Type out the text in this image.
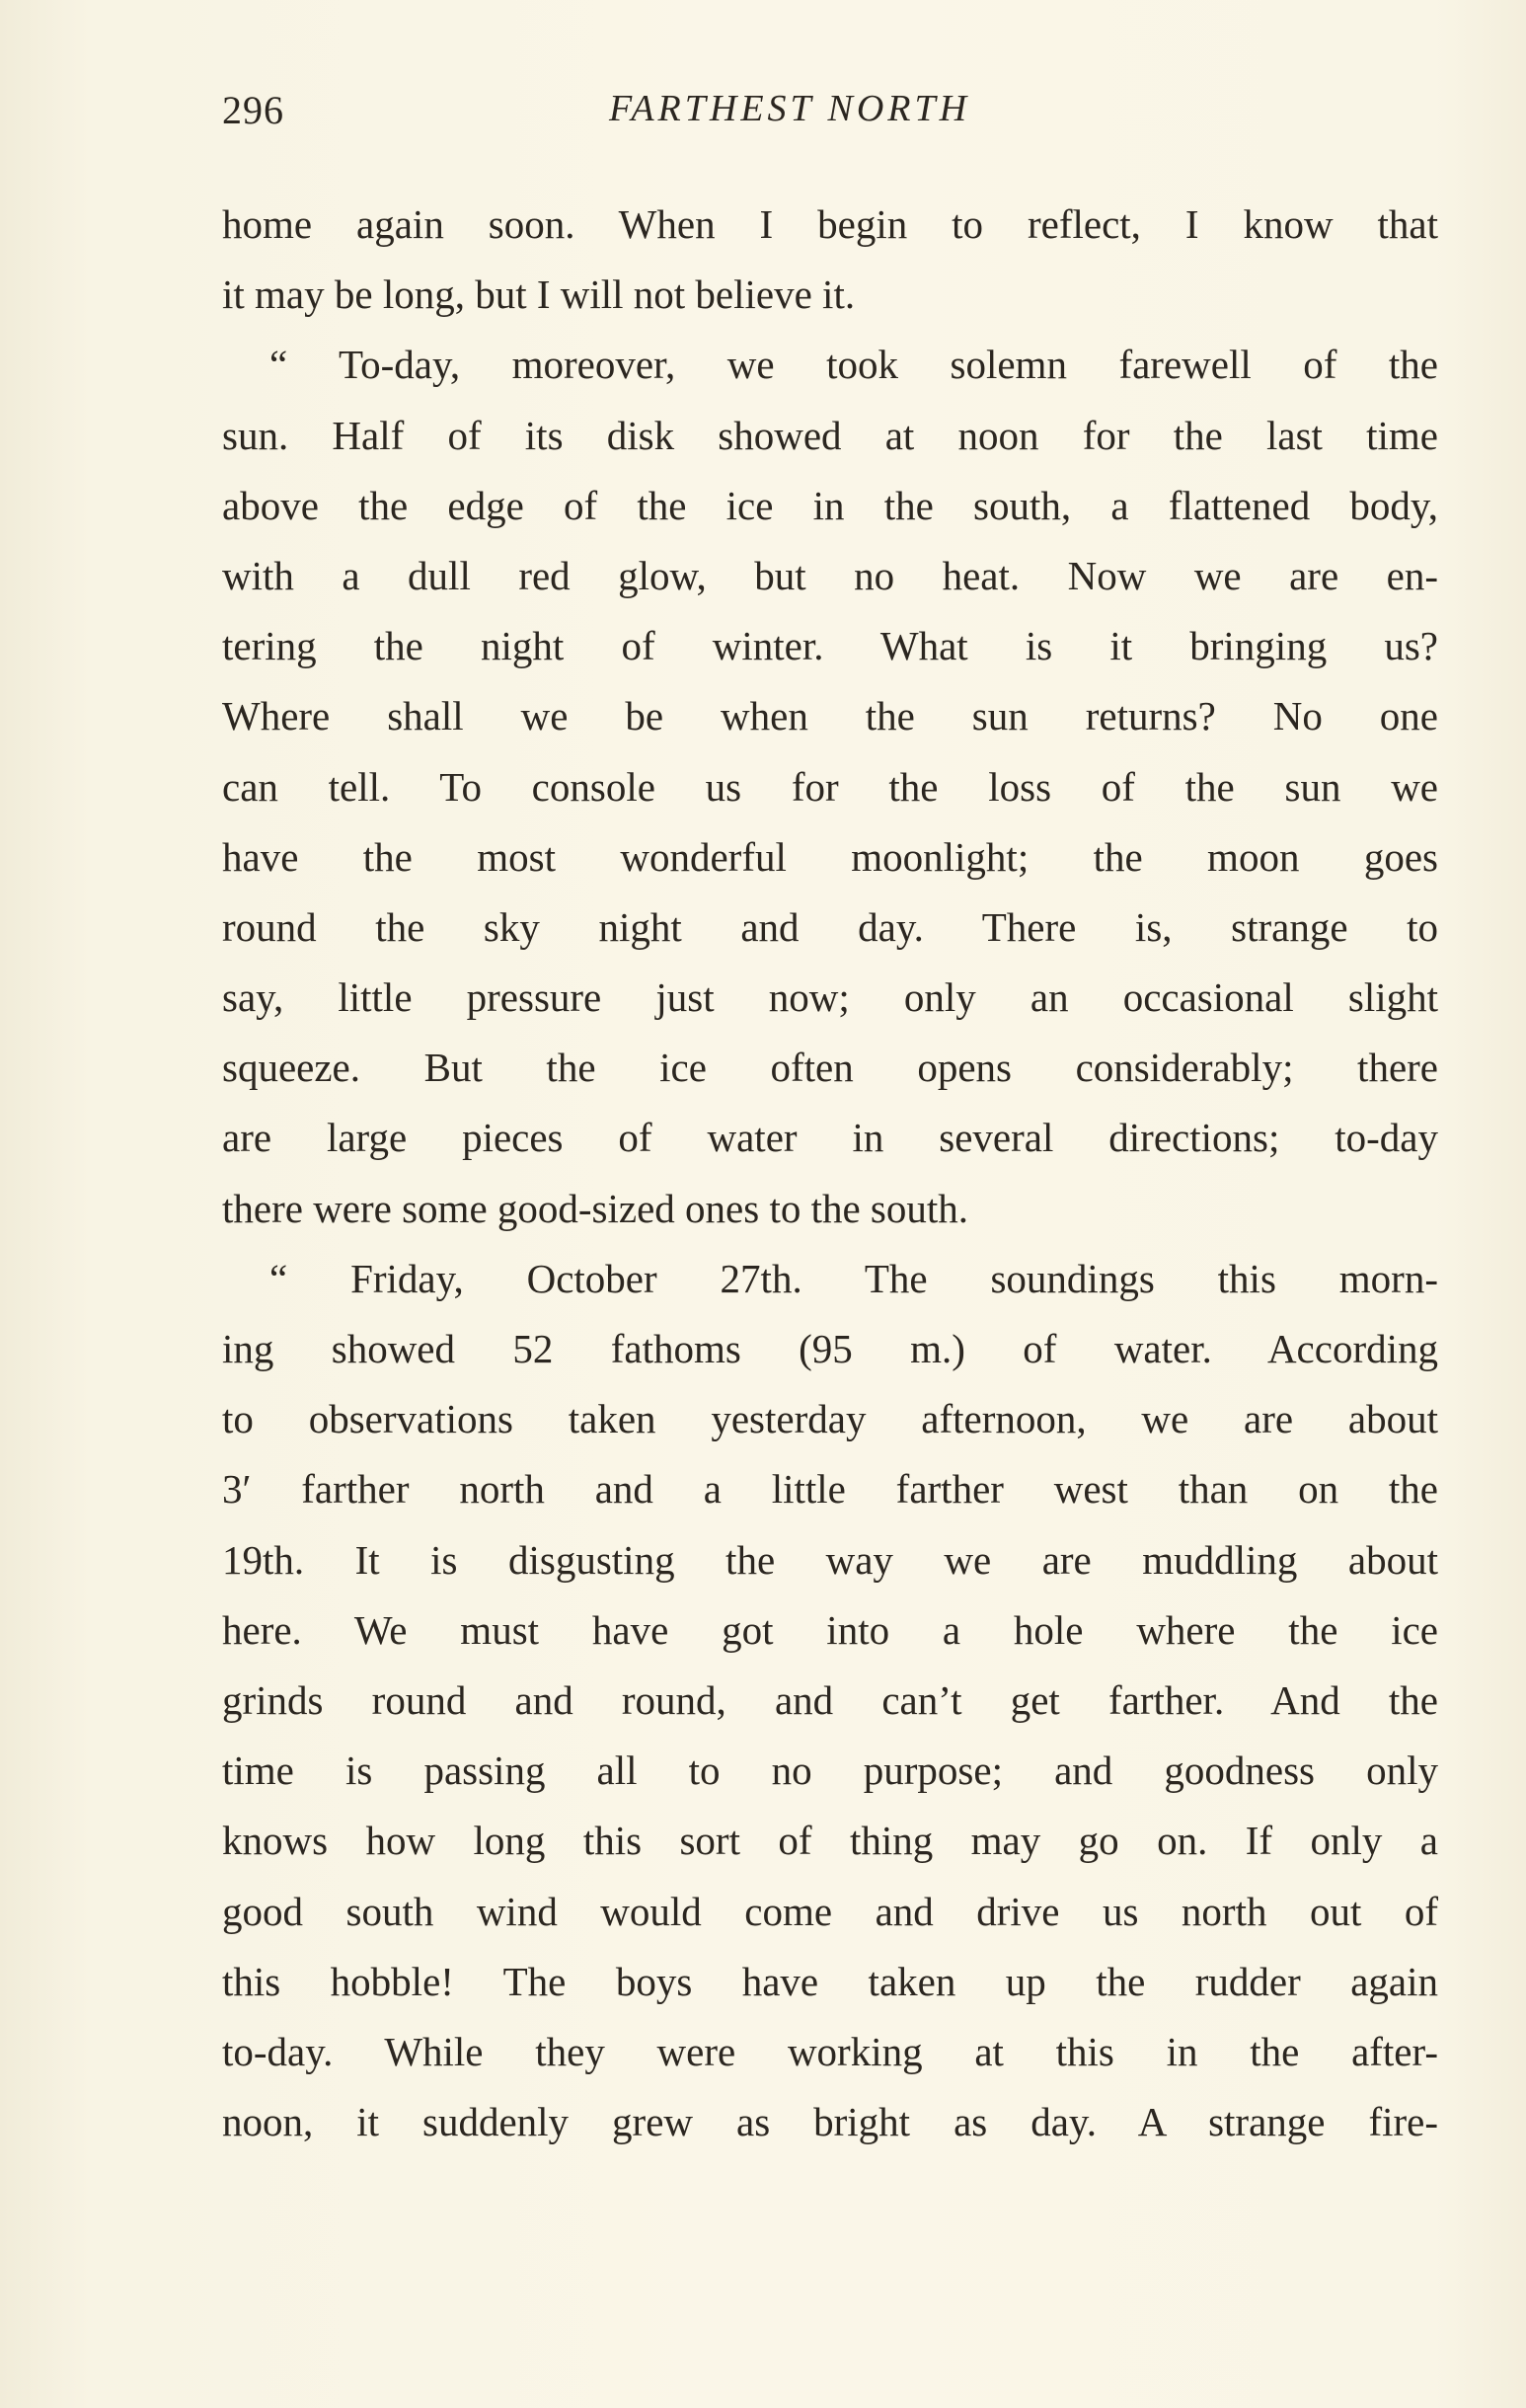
296	FARTHEST NORTH
home again soon. When I begin to reflect, I know that
it may be long, but I will not believe it.
“ To-day, moreover, we took solemn farewell of the
sun. Half of its disk showed at noon for the last time
above the edge of the ice in the south, a flattened body,
with a dull red glow, but no heat. Now we are en-
tering the night of winter. What is it bringing us?
Where shall we be when the sun returns? No one
can tell. To console us for the loss of the sun we
have the most wonderful moonlight; the moon goes
round the sky night and day. There is, strange to
say, little pressure just now; only an occasional slight
squeeze. But the ice often opens considerably; there
are large pieces of water in several directions; to-day
there were some good-sized ones to the south.
“ Friday, October 27th. The soundings this morn-
ing showed 52 fathoms (95 m.) of water. According
to observations taken yesterday afternoon, we are about
3′ farther north and a little farther west than on the
19th. It is disgusting the way we are muddling about
here. We must have got into a hole where the ice
grinds round and round, and can’t get farther. And the
time is passing all to no purpose; and goodness only
knows how long this sort of thing may go on. If only a
good south wind would come and drive us north out of
this hobble! The boys have taken up the rudder again
to-day. While they were working at this in the after-
noon, it suddenly grew as bright as day. A strange fire-
